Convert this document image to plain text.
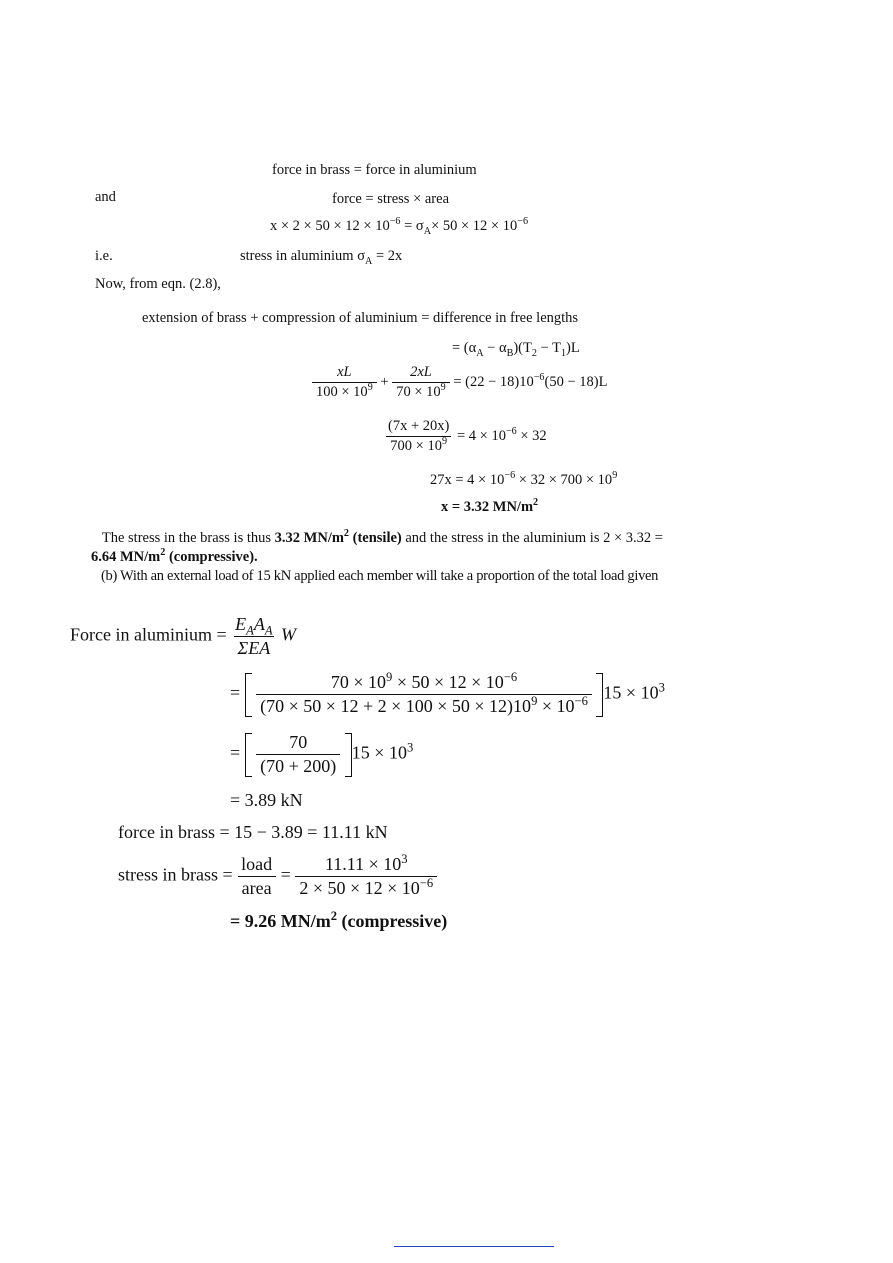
force in brass = force in aluminium
and	force = stress × area
$x \times 2 \times 50 \times 12 \times 10^{-6} = \sigma_A\times 50 \times 12 \times 10^{-6}$
i.e.	stress in aluminium $\sigma_A = 2x$
Now, from eqn. (2.8),
extension of brass + compression of aluminium = difference in free lengths
= $(\alpha_A - \alpha_B)(T_2 - T_1)L$
$\frac{xL}{100 \times 10^9} + \frac{2xL}{70 \times 10^9} = (22 - 18)10^{-6}(50 - 18)L$
$\frac{(7x + 20x)}{700 \times 10^9} = 4 \times 10^{-6} \times 32$
$27x = 4 \times 10^{-6} \times 32 \times 700 \times 10^9$
x = 3.32 $MN/m^2$
The stress in the brass is thus 3.32 $MN/m^2$ (tensile) and the stress in the aluminium is 2 × 3.32 = 6.64 $MN/m^2$ (compressive).
(b) With an external load of 15 kN applied each member will take a proportion of the total load given
Force in aluminium = $\frac{E_AA_A}{\text{ΣEA}}$ W
= $\frac{70 \times 10^9 \times 50 \times 12 \times 10^{-6}}{(70 \times 50 \times 12 + 2 \times 100 \times 50 \times 12)10^9 \times 10^{-6}} 15 \times 10^3$
= $\frac{70}{(70 + 200)} 15 \times 10^3$
= 3.89 kN
force in brass = 15 − 3.89 = 11.11 kN
stress in brass = $\frac{\text{load}}{\text{area}} = \frac{11.11 \times 10^3}{2 \times 50 \times 12 \times 10^{-6}}$
= 9.26 $MN/m^2$ (compressive)
